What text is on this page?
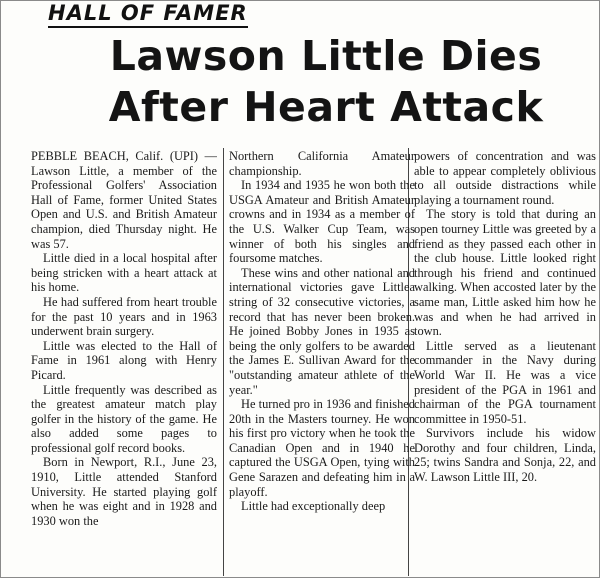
HALL OF FAMER
Lawson Little Dies
After Heart Attack

PEBBLE BEACH, Calif. (UPI) —Lawson Little, a member of the Professional Golfers' Association Hall of Fame, former United States Open and U.S. and British Amateur champion, died Thursday night. He was 57.

Little died in a local hospital after being stricken with a heart attack at his home.

He had suffered from heart trouble for the past 10 years and in 1963 underwent brain surgery.

Little was elected to the Hall of Fame in 1961 along with Henry Picard.

Little frequently was described as the greatest amateur match play golfer in the history of the game. He also added some pages to professional golf record books.

Born in Newport, R.I., June 23, 1910, Little attended Stanford University. He started playing golf when he was eight and in 1928 and 1930 won the

Northern California Amateur championship.

In 1934 and 1935 he won both the USGA Amateur and British Amateur crowns and in 1934 as a member of the U.S. Walker Cup Team, was winner of both his singles and foursome matches.

These wins and other national and international victories gave Littlea string of 32 consecutive victories, a record that has never been broken. He joined Bobby Jones in 1935 as being the only golfers to be awarded the James E. Sullivan Award for the "outstanding amateur athlete of the year."

He turned pro in 1936 and finished 20th in the Masters tourney. He won his first pro victory when he took the Canadian Open and in 1940 he captured the USGA Open, tying with Gene Sarazen and defeating him in a playoff.

Little had exceptionally deep

powers of concentration and was able to appear completely oblivious to all outside distractions while playing a tournament round.

The story is told that during an open tourney Little was greeted by a friend as they passed each other in the club house. Little looked right through his friend and continued walking. When accosted later by the same man, Little asked him how he was and when he had arrived in town.

Little served as a lieutenant commander in the Navy during World War II. He was a vice president of the PGA in 1961 and chairman of the PGA tournament committee in 1950-51.

Survivors include his widow Dorothy and four children, Linda, 25; twins Sandra and Sonja, 22, and W. Lawson Little III, 20.
